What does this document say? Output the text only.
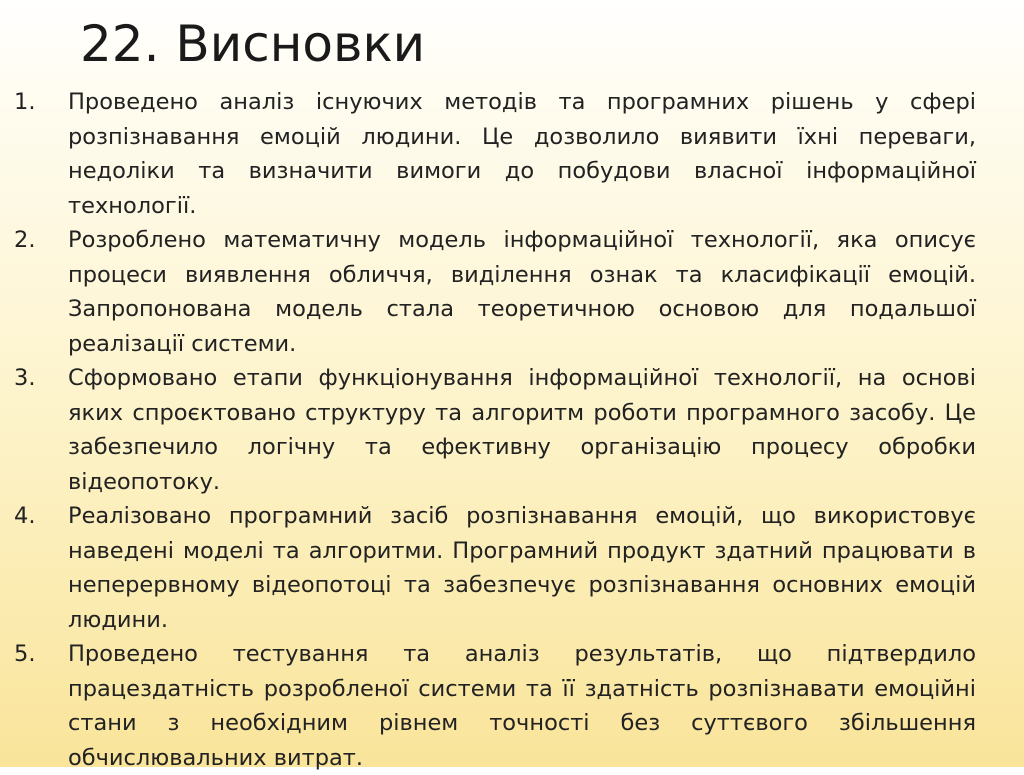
22. Висновки
1.	Проведено аналіз існуючих методів та програмних рішень у сфері розпізнавання емоцій людини. Це дозволило виявити їхні переваги, недоліки та визначити вимоги до побудови власної інформаційної технології.
2.	Розроблено математичну модель інформаційної технології, яка описує процеси виявлення обличчя, виділення ознак та класифікації емоцій. Запропонована модель стала теоретичною основою для подальшої реалізації системи.
3.	Сформовано етапи функціонування інформаційної технології, на основі яких спроєктовано структуру та алгоритм роботи програмного засобу. Це забезпечило логічну та ефективну організацію процесу обробки відеопотоку.
4.	Реалізовано програмний засіб розпізнавання емоцій, що використовує наведені моделі та алгоритми. Програмний продукт здатний працювати в неперервному відеопотоці та забезпечує розпізнавання основних емоцій людини.
5.	Проведено тестування та аналіз результатів, що підтвердило працездатність розробленої системи та її здатність розпізнавати емоційні стани з необхідним рівнем точності без суттєвого збільшення обчислювальних витрат.
